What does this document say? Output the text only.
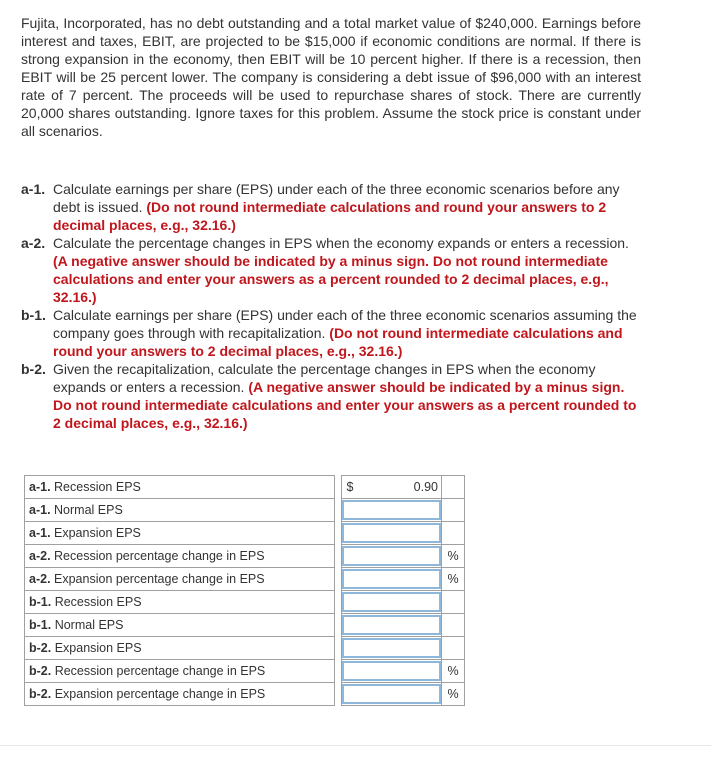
Fujita, Incorporated, has no debt outstanding and a total market value of $240,000. Earnings before interest and taxes, EBIT, are projected to be $15,000 if economic conditions are normal. If there is strong expansion in the economy, then EBIT will be 10 percent higher. If there is a recession, then EBIT will be 25 percent lower. The company is considering a debt issue of $96,000 with an interest rate of 7 percent. The proceeds will be used to repurchase shares of stock. There are currently 20,000 shares outstanding. Ignore taxes for this problem. Assume the stock price is constant under all scenarios.

a-1. Calculate earnings per share (EPS) under each of the three economic scenarios before any debt is issued. (Do not round intermediate calculations and round your answers to 2 decimal places, e.g., 32.16.)
a-2. Calculate the percentage changes in EPS when the economy expands or enters a recession. (A negative answer should be indicated by a minus sign. Do not round intermediate calculations and enter your answers as a percent rounded to 2 decimal places, e.g., 32.16.)
b-1. Calculate earnings per share (EPS) under each of the three economic scenarios assuming the company goes through with recapitalization. (Do not round intermediate calculations and round your answers to 2 decimal places, e.g., 32.16.)
b-2. Given the recapitalization, calculate the percentage changes in EPS when the economy expands or enters a recession. (A negative answer should be indicated by a minus sign. Do not round intermediate calculations and enter your answers as a percent rounded to 2 decimal places, e.g., 32.16.)
a-1. Recession EPS		$	0.90	
a-1. Normal EPS			

a-1. Expansion EPS			

a-2. Recession percentage change in EPS				%
a-2. Expansion percentage change in EPS				%
b-1. Recession EPS			

b-1. Normal EPS			

b-2. Expansion EPS			

b-2. Recession percentage change in EPS				%
b-2. Expansion percentage change in EPS				%
